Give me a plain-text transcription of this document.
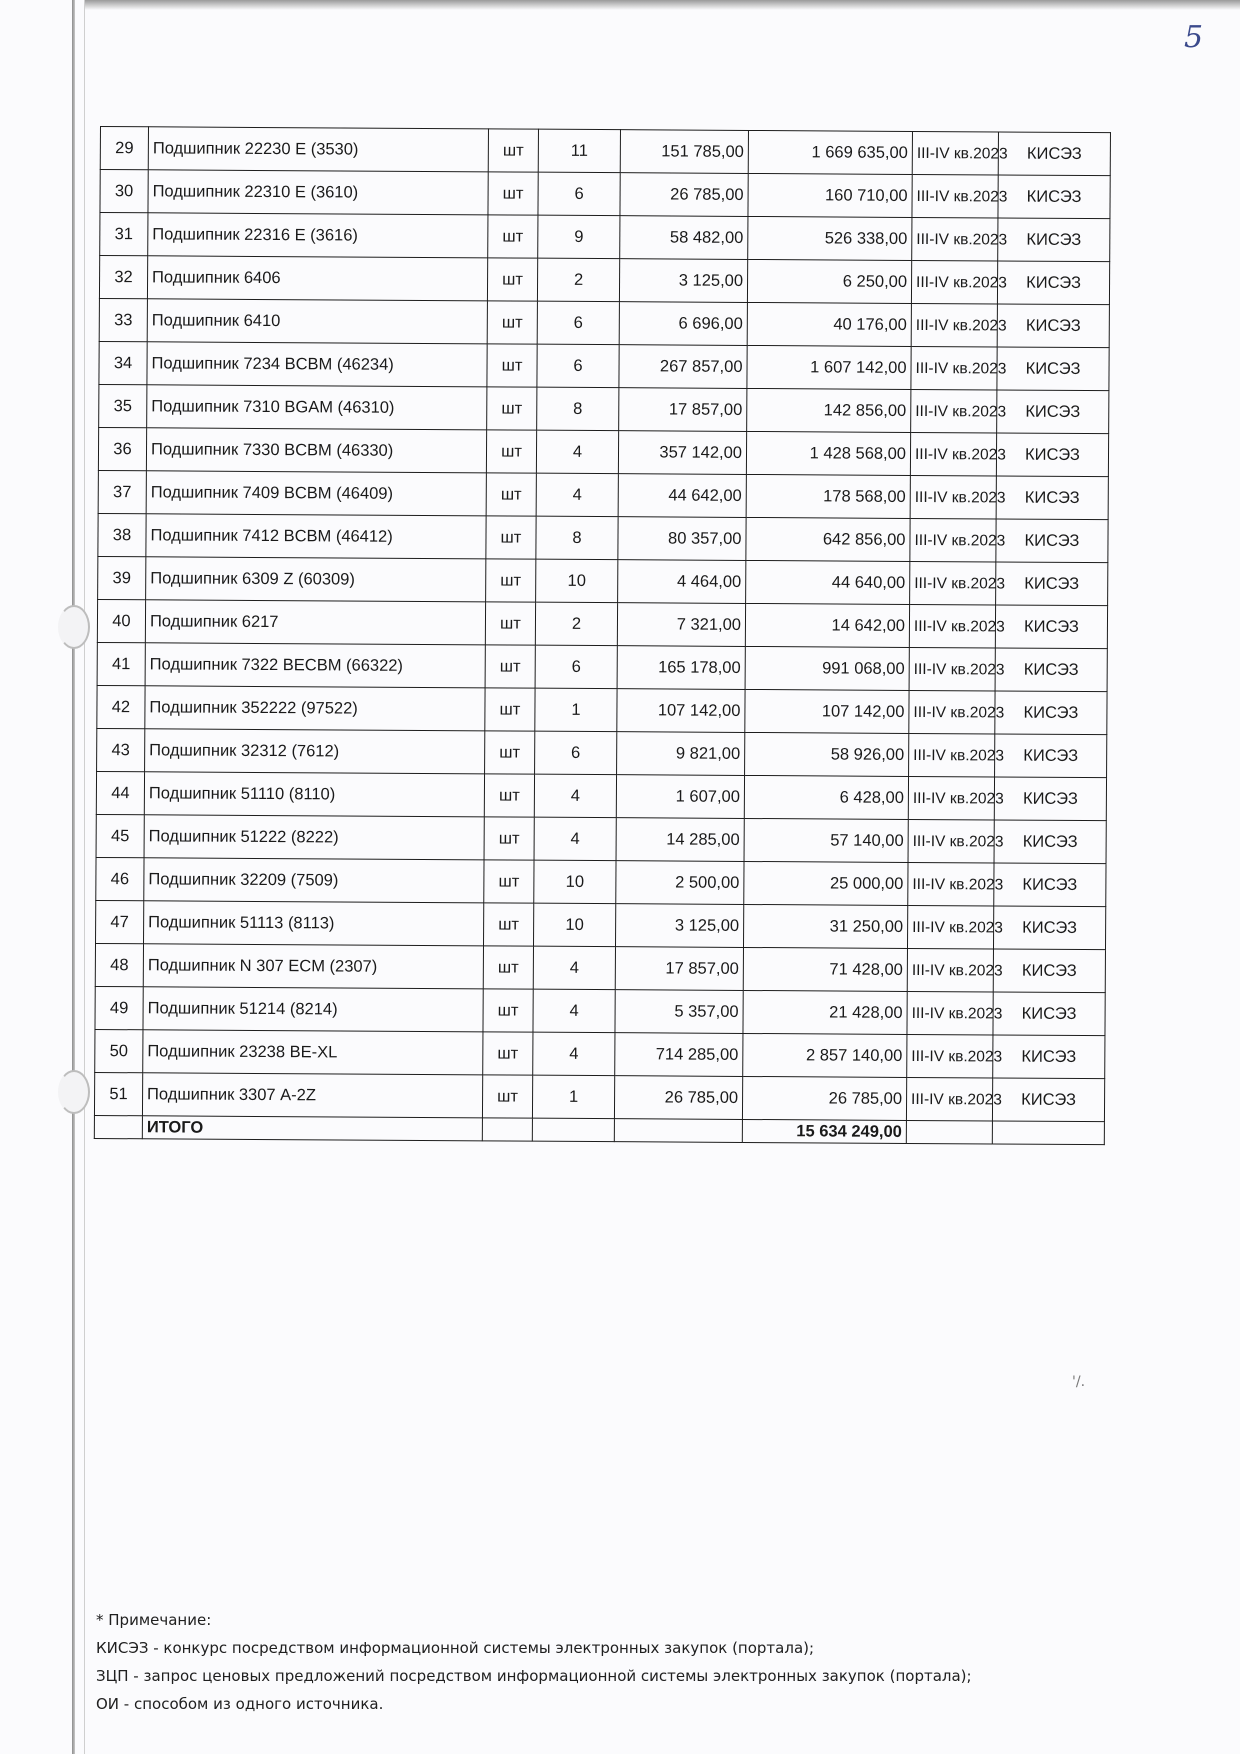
5
'/.
29	Подшипник 22230 Е (3530)	шт	11	151 785,00	1 669 635,00	III-IV кв.2023	КИСЭЗ
30	Подшипник 22310 Е (3610)	шт	6	26 785,00	160 710,00	III-IV кв.2023	КИСЭЗ
31	Подшипник 22316 Е (3616)	шт	9	58 482,00	526 338,00	III-IV кв.2023	КИСЭЗ
32	Подшипник 6406	шт	2	3 125,00	6 250,00	III-IV кв.2023	КИСЭЗ
33	Подшипник 6410	шт	6	6 696,00	40 176,00	III-IV кв.2023	КИСЭЗ
34	Подшипник 7234 BCBM (46234)	шт	6	267 857,00	1 607 142,00	III-IV кв.2023	КИСЭЗ
35	Подшипник 7310 BGAM (46310)	шт	8	17 857,00	142 856,00	III-IV кв.2023	КИСЭЗ
36	Подшипник 7330 BCBM (46330)	шт	4	357 142,00	1 428 568,00	III-IV кв.2023	КИСЭЗ
37	Подшипник 7409 BCBM (46409)	шт	4	44 642,00	178 568,00	III-IV кв.2023	КИСЭЗ
38	Подшипник 7412 BCBM (46412)	шт	8	80 357,00	642 856,00	III-IV кв.2023	КИСЭЗ
39	Подшипник 6309 Z (60309)	шт	10	4 464,00	44 640,00	III-IV кв.2023	КИСЭЗ
40	Подшипник 6217	шт	2	7 321,00	14 642,00	III-IV кв.2023	КИСЭЗ
41	Подшипник 7322 BECBM (66322)	шт	6	165 178,00	991 068,00	III-IV кв.2023	КИСЭЗ
42	Подшипник 352222 (97522)	шт	1	107 142,00	107 142,00	III-IV кв.2023	КИСЭЗ
43	Подшипник 32312 (7612)	шт	6	9 821,00	58 926,00	III-IV кв.2023	КИСЭЗ
44	Подшипник 51110 (8110)	шт	4	1 607,00	6 428,00	III-IV кв.2023	КИСЭЗ
45	Подшипник 51222 (8222)	шт	4	14 285,00	57 140,00	III-IV кв.2023	КИСЭЗ
46	Подшипник 32209 (7509)	шт	10	2 500,00	25 000,00	III-IV кв.2023	КИСЭЗ
47	Подшипник 51113 (8113)	шт	10	3 125,00	31 250,00	III-IV кв.2023	КИСЭЗ
48	Подшипник N 307 ECM (2307)	шт	4	17 857,00	71 428,00	III-IV кв.2023	КИСЭЗ
49	Подшипник 51214 (8214)	шт	4	5 357,00	21 428,00	III-IV кв.2023	КИСЭЗ
50	Подшипник 23238 BE-XL	шт	4	714 285,00	2 857 140,00	III-IV кв.2023	КИСЭЗ
51	Подшипник 3307 A-2Z	шт	1	26 785,00	26 785,00	III-IV кв.2023	КИСЭЗ
	ИТОГО				15 634 249,00		
* Примечание:
КИСЭЗ - конкурс посредством информационной системы электронных закупок (портала);
ЗЦП - запрос ценовых предложений посредством информационной системы электронных закупок (портала);
ОИ - способом из одного источника.
